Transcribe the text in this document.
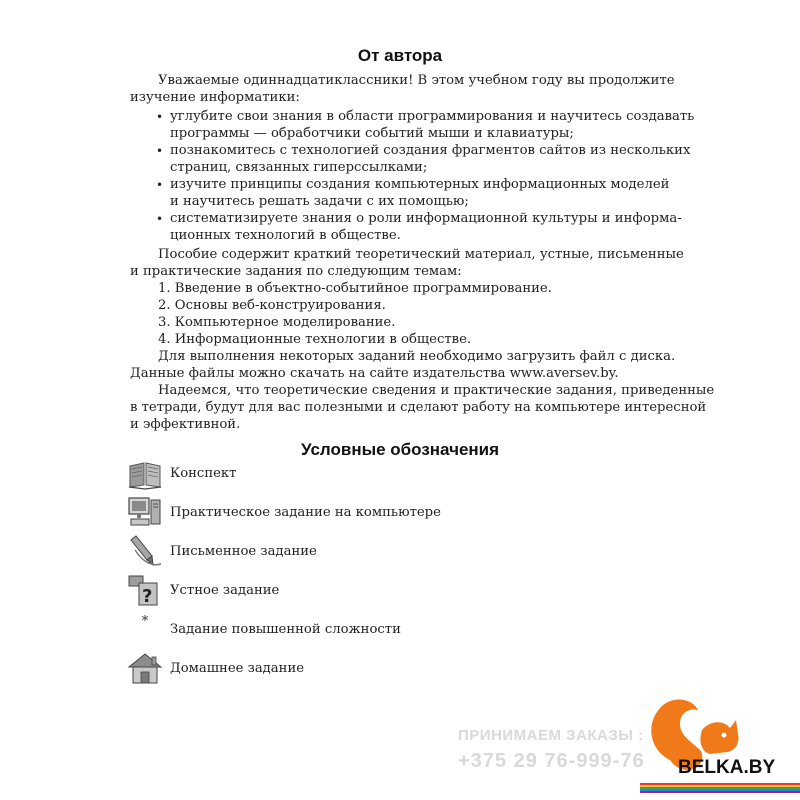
От автора
Уважаемые одиннадцатиклассники! В этом учебном году вы продолжите
изучение информатики:
• углубите свои знания в области программирования и научитесь создавать
программы — обработчики событий мыши и клавиатуры;
• познакомитесь с технологией создания фрагментов сайтов из нескольких
страниц, связанных гиперссылками;
• изучите принципы создания компьютерных информационных моделей
и научитесь решать задачи с их помощью;
• систематизируете знания о роли информационной культуры и информа-
ционных технологий в обществе.
Пособие содержит краткий теоретический материал, устные, письменные
и практические задания по следующим темам:
1. Введение в объектно-событийное программирование.
2. Основы веб-конструирования.
3. Компьютерное моделирование.
4. Информационные технологии в обществе.
Для выполнения некоторых заданий необходимо загрузить файл с диска.
Данные файлы можно скачать на сайте издательства www.aversev.by.
Надеемся, что теоретические сведения и практические задания, приведенные
в тетради, будут для вас полезными и сделают работу на компьютере интересной
и эффективной.
Условные обозначения
Конспект
Практическое задание на компьютере
Письменное задание
? Устное задание
*
Задание повышенной сложности
Домашнее задание
ПРИНИМАЕМ ЗАКАЗЫ :
+375 29 76-999-76 BELKA.BY
